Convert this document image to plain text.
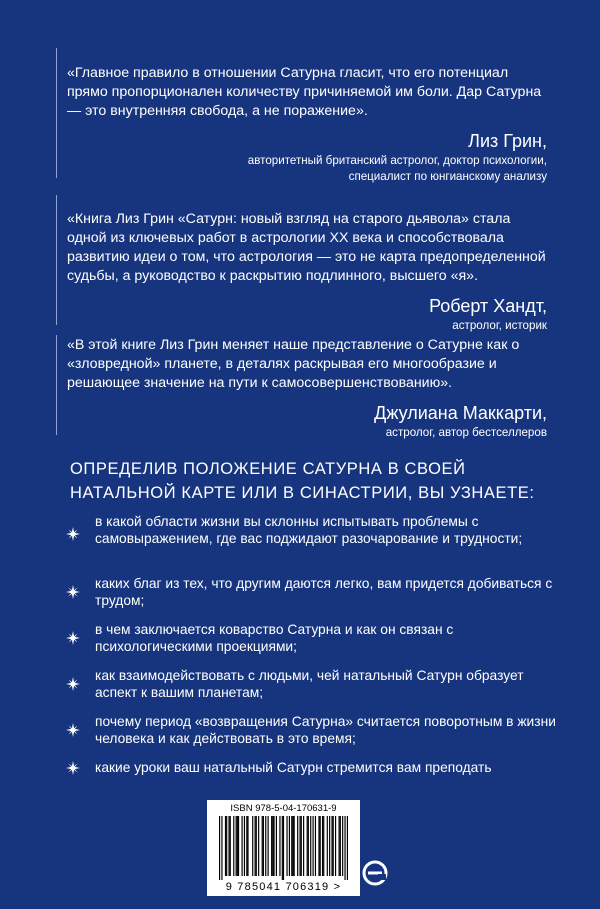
«Главное правило в отношении Сатурна гласит, что его потенциал прямо пропорционален количеству причиняемой им боли. Дар Сатурна — это внутренняя свобода, а не поражение».

Лиз Грин,
авторитетный британский астролог, доктор психологии,
специалист по юнгианскому анализу

«Книга Лиз Грин «Сатурн: новый взгляд на старого дьявола» стала одной из ключевых работ в астрологии XX века и способствовала развитию идеи о том, что астрология — это не карта предопределенной судьбы, а руководство к раскрытию подлинного, высшего «я».

Роберт Хандт,
астролог, историк

«В этой книге Лиз Грин меняет наше представление о Сатурне как о «зловредной» планете, в деталях раскрывая его многообразие и решающее значение на пути к самосовершенствованию».

Джулиана Маккарти,
астролог, автор бестселлеров
ОПРЕДЕЛИВ ПОЛОЖЕНИЕ САТУРНА В СВОЕЙ
НАТАЛЬНОЙ КАРТЕ ИЛИ В СИНАСТРИИ, ВЫ УЗНАЕТЕ:
в какой области жизни вы склонны испытывать проблемы с самовыражением, где вас поджидают разочарование и трудности;
каких благ из тех, что другим даются легко, вам придется добиваться с трудом;
в чем заключается коварство Сатурна и как он связан с психологическими проекциями;
как взаимодействовать с людьми, чей натальный Сатурн образует аспект к вашим планетам;
почему период «возвращения Сатурна» считается поворотным в жизни человека и как действовать в это время;
какие уроки ваш натальный Сатурн стремится вам преподать
ISBN 978-5-04-170631-9
9 785041 706319 >
